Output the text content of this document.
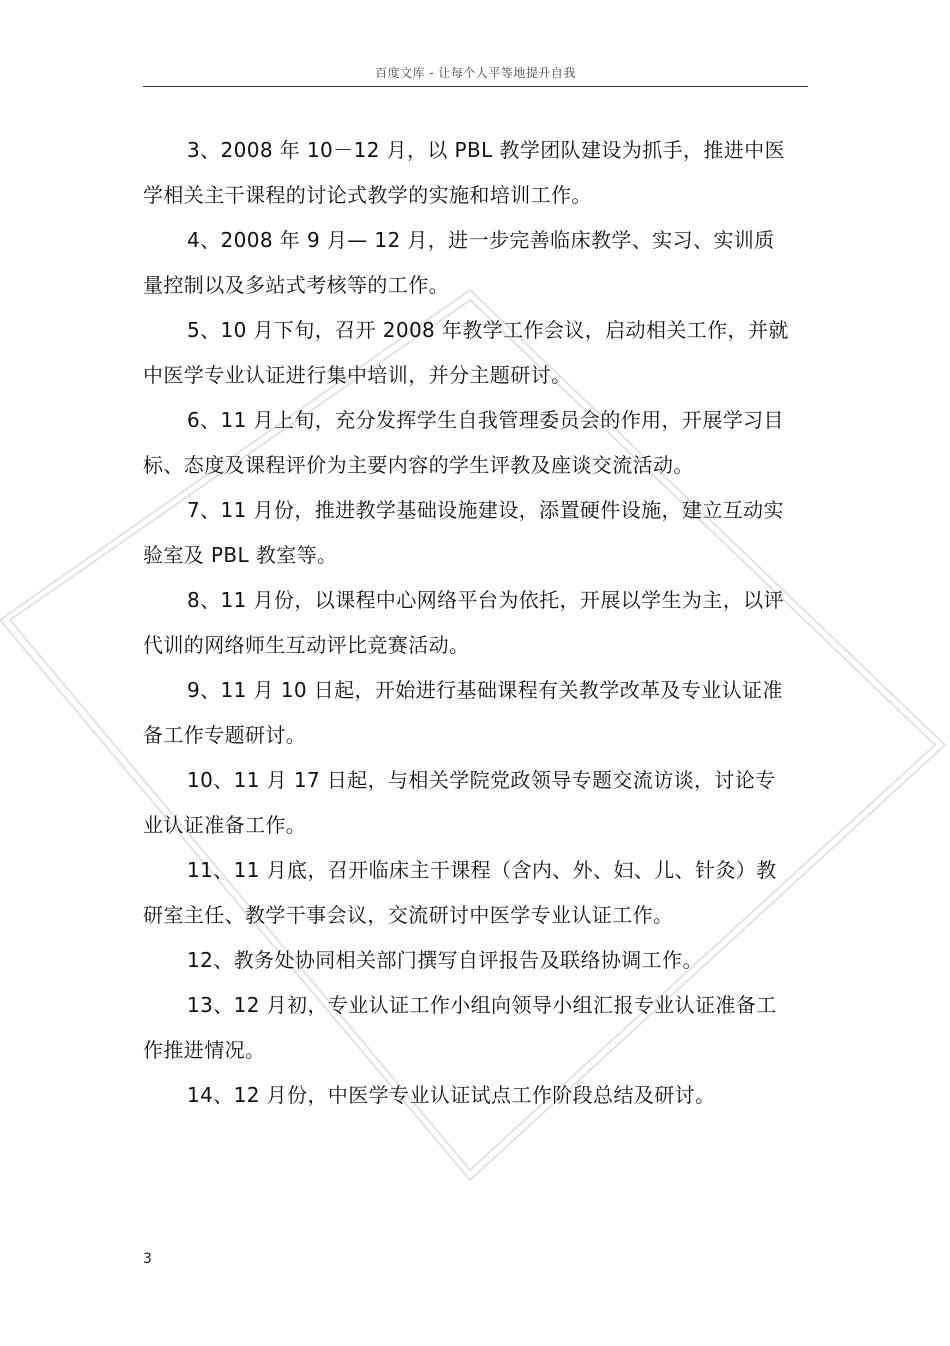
百度文库 - 让每个人平等地提升自我

3、2008 年 10－12 月，以 PBL 教学团队建设为抓手，推进中医学相关主干课程的讨论式教学的实施和培训工作。

4、2008 年 9 月— 12 月，进一步完善临床教学、实习、实训质量控制以及多站式考核等的工作。

5、10 月下旬，召开 2008 年教学工作会议，启动相关工作，并就中医学专业认证进行集中培训，并分主题研讨。

6、11 月上旬，充分发挥学生自我管理委员会的作用，开展学习目标、态度及课程评价为主要内容的学生评教及座谈交流活动。

7、11 月份，推进教学基础设施建设，添置硬件设施，建立互动实验室及 PBL 教室等。

8、11 月份，以课程中心网络平台为依托，开展以学生为主，以评代训的网络师生互动评比竞赛活动。

9、11 月 10 日起，开始进行基础课程有关教学改革及专业认证准备工作专题研讨。

10、11 月 17 日起，与相关学院党政领导专题交流访谈，讨论专业认证准备工作。

11、11 月底，召开临床主干课程（含内、外、妇、儿、针灸）教研室主任、教学干事会议，交流研讨中医学专业认证工作。

12、教务处协同相关部门撰写自评报告及联络协调工作。

13、12 月初，专业认证工作小组向领导小组汇报专业认证准备工作推进情况。

14、12 月份，中医学专业认证试点工作阶段总结及研讨。

3
